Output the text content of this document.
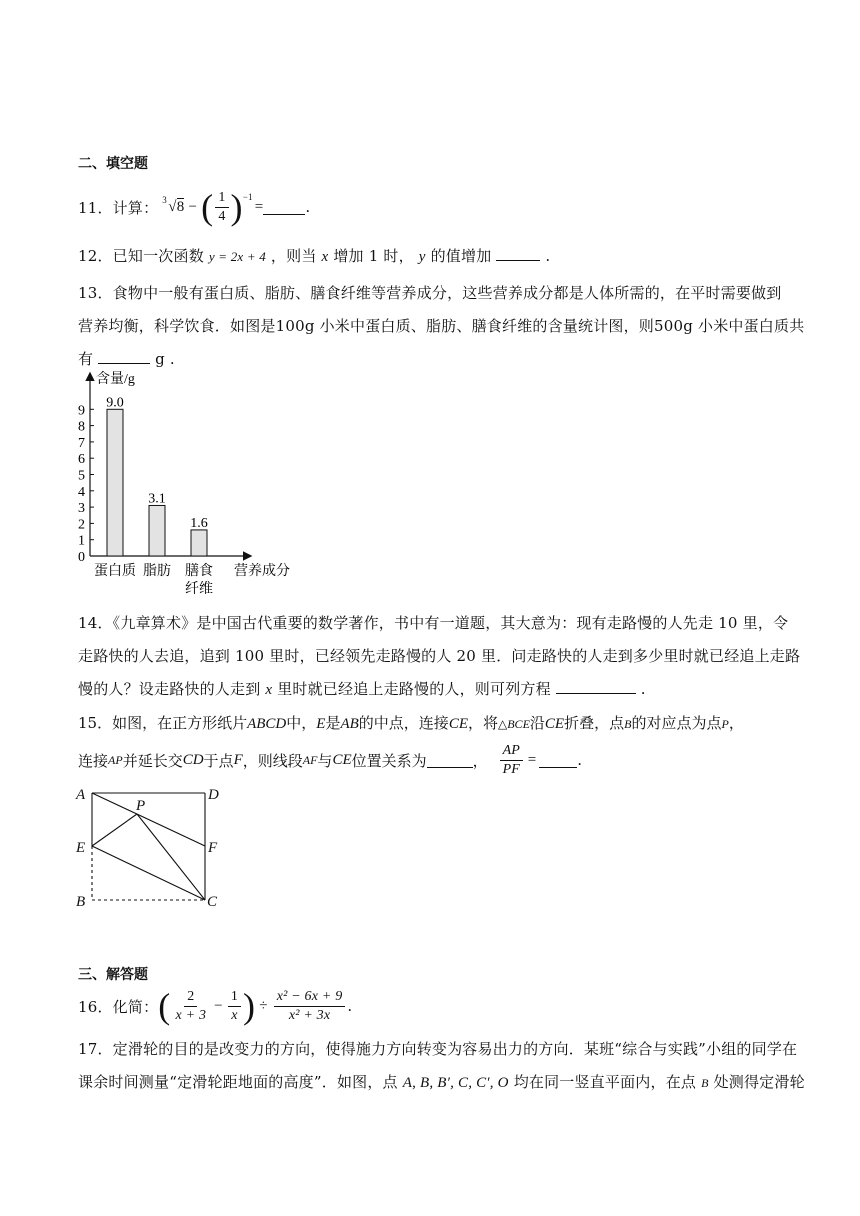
二、填空题
11．计算： 3 √8 − ( $\frac{1}{4} )^{-1}$
=	.
12．已知一次函数 y = 2x + 4 ，则当 x 增加 1 时， y 的值增加	.
13．食物中一般有蛋白质、脂肪、膳食纤维等营养成分，这些营养成分都是人体所需的，在平时需要做到
营养均衡，科学饮食．如图是100g 小米中蛋白质、脂肪、膳食纤维的含量统计图，则500g 小米中蛋白质共
有	g .
含量/g
营养成分
0
1
2
3
4
5
6
7
8
9
9.0
3.1
1.6
蛋白质 脂肪 膳食
纤维
14．《九章算术》是中国古代重要的数学著作，书中有一道题，其大意为：现有走路慢的人先走 10 里，令
走路快的人去追，追到 100 里时，已经领先走路慢的人 20 里．问走路快的人走到多少里时就已经追上走路
慢的人？设走路快的人走到 x 里时就已经追上走路慢的人，则可列方程	.
15．如图，在正方形纸片ABCD中，E是AB的中点，连接CE，将△BCE沿CE折叠，点B的对应点为点P，
连接 AP 并延长交 CD 于点 F ，则线段 AF 与 CE 位置关系为	， $\frac{AP}{PF}$ =	.
A	D
E	F
B	C
P
三、解答题
16．化简： ( $\frac{2}{x + 3} - \frac{1}{x}$ ) ÷ $\frac{\text{x² − 6x + 9}}{\text{x² + 3x}}$ .
17．定滑轮的目的是改变力的方向，使得施力方向转变为容易出力的方向．某班“综合与实践”小组的同学在
课余时间测量“定滑轮距地面的高度”．如图，点 A, B, B′, C, C′, O 均在同一竖直平面内，在点 B 处测得定滑轮
